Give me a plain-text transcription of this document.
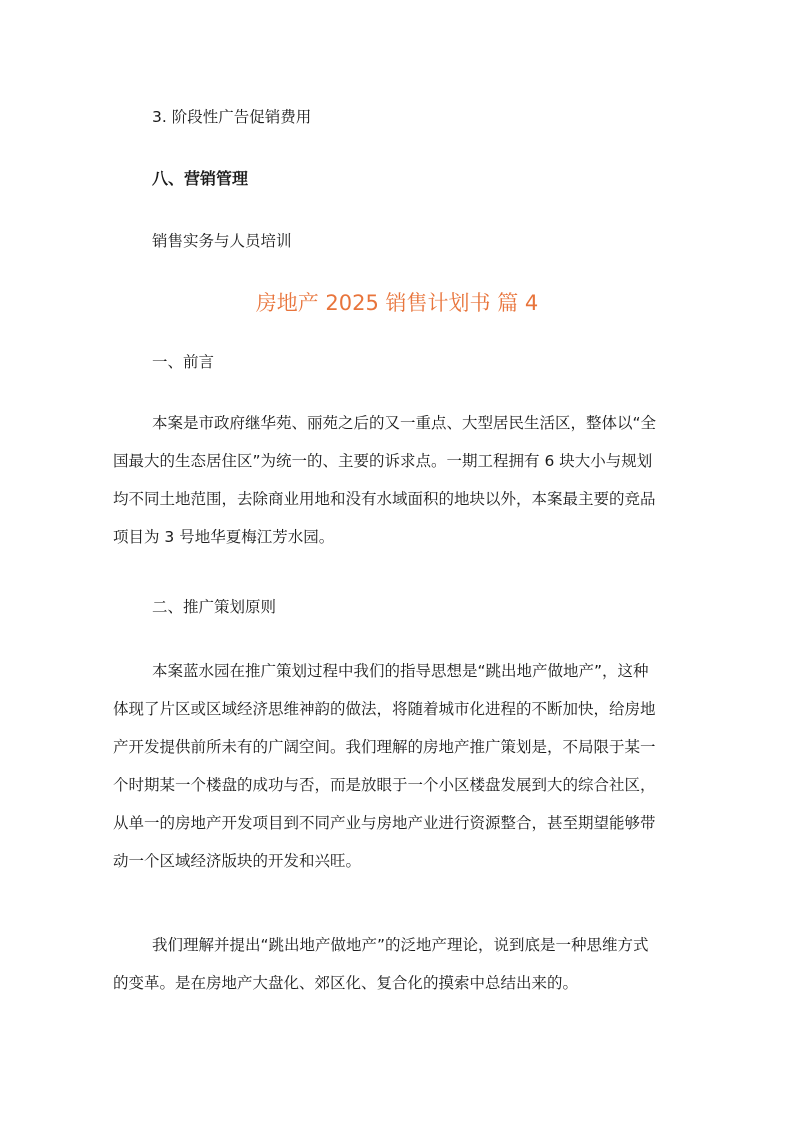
3. 阶段性广告促销费用

八、营销管理

销售实务与人员培训

房地产 2025 销售计划书 篇 4

一、前言

本案是市政府继华苑、丽苑之后的又一重点、大型居民生活区，整体以“全
国最大的生态居住区”为统一的、主要的诉求点。一期工程拥有 6 块大小与规划
均不同土地范围，去除商业用地和没有水域面积的地块以外，本案最主要的竞品
项目为 3 号地华夏梅江芳水园。

二、推广策划原则

本案蓝水园在推广策划过程中我们的指导思想是“跳出地产做地产”，这种
体现了片区或区域经济思维神韵的做法，将随着城市化进程的不断加快，给房地
产开发提供前所未有的广阔空间。我们理解的房地产推广策划是，不局限于某一
个时期某一个楼盘的成功与否，而是放眼于一个小区楼盘发展到大的综合社区，
从单一的房地产开发项目到不同产业与房地产业进行资源整合，甚至期望能够带
动一个区域经济版块的开发和兴旺。
我们理解并提出“跳出地产做地产”的泛地产理论，说到底是一种思维方式
的变革。是在房地产大盘化、郊区化、复合化的摸索中总结出来的。
